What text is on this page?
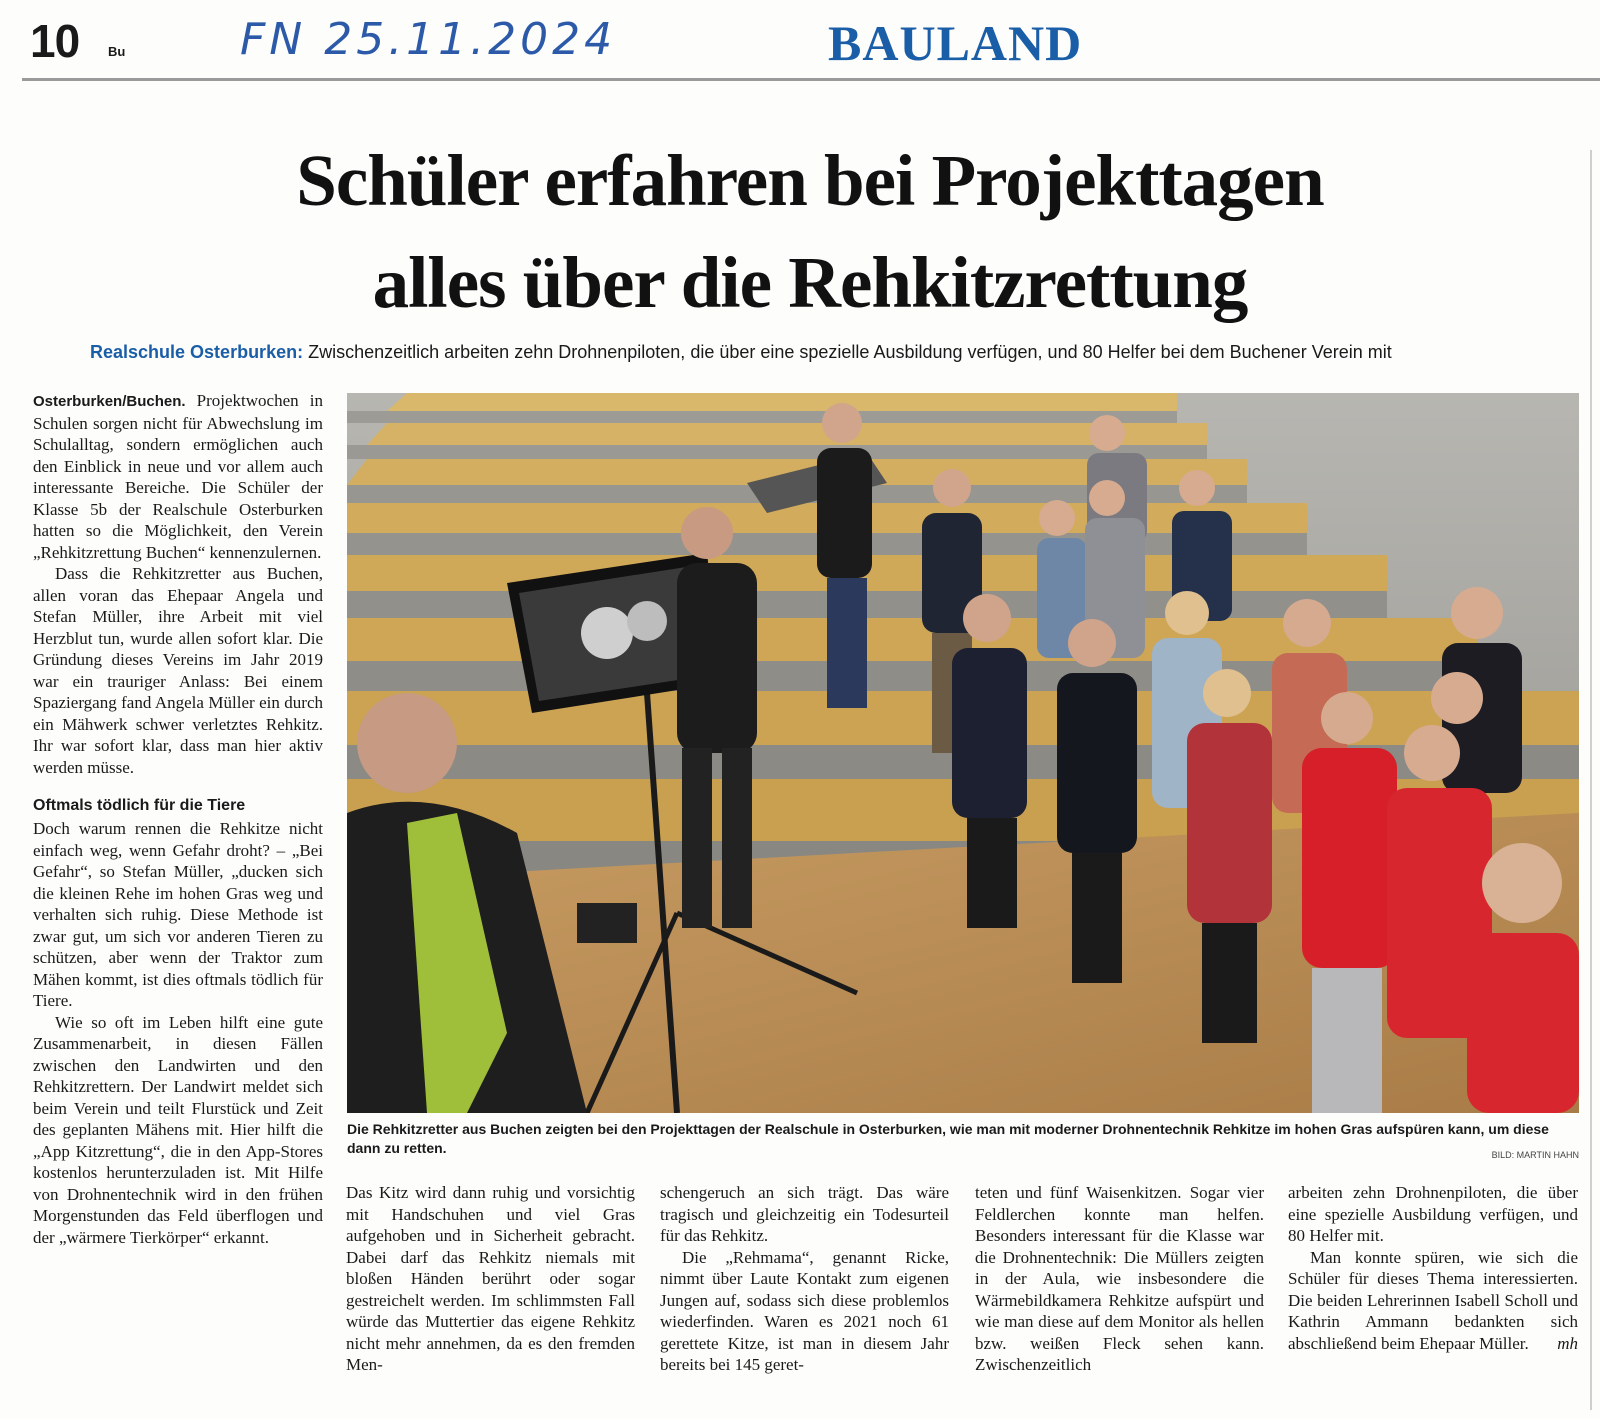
10 Bu	FN 25.11.2024	BAULAND
Schüler erfahren bei Projekttagen
alles über die Rehkitzrettung
Realschule Osterburken: Zwischenzeitlich arbeiten zehn Drohnenpiloten, die über eine spezielle Ausbildung verfügen, und 80 Helfer bei dem Buchener Verein mit

Osterburken/Buchen. Projektwochen in Schulen sorgen nicht für Abwechslung im Schulalltag, sondern ermöglichen auch den Einblick in neue und vor allem auch interessante Bereiche. Die Schüler der Klasse 5b der Realschule Osterburken hatten so die Möglichkeit, den Verein „Rehkitzrettung Buchen“ kennenzulernen.

Dass die Rehkitzretter aus Buchen, allen voran das Ehepaar Angela und Stefan Müller, ihre Arbeit mit viel Herzblut tun, wurde allen sofort klar. Die Gründung dieses Vereins im Jahr 2019 war ein trauriger Anlass: Bei einem Spaziergang fand Angela Müller ein durch ein Mähwerk schwer verletztes Rehkitz. Ihr war sofort klar, dass man hier aktiv werden müsse.

Oftmals tödlich für die Tiere

Doch warum rennen die Rehkitze nicht einfach weg, wenn Gefahr droht? – „Bei Gefahr“, so Stefan Müller, „ducken sich die kleinen Rehe im hohen Gras weg und verhalten sich ruhig. Diese Methode ist zwar gut, um sich vor anderen Tieren zu schützen, aber wenn der Traktor zum Mähen kommt, ist dies oftmals tödlich für Tiere.

Wie so oft im Leben hilft eine gute Zusammenarbeit, in diesen Fällen zwischen den Landwirten und den Rehkitzrettern. Der Landwirt meldet sich beim Verein und teilt Flurstück und Zeit des geplanten Mähens mit. Hier hilft die „App Kitzrettung“, die in den App-Stores kostenlos herunterzuladen ist. Mit Hilfe von Drohnentechnik wird in den frühen Morgenstunden das Feld überflogen und der „wärmere Tierkörper“ erkannt.

Die Rehkitzretter aus Buchen zeigten bei den Projekttagen der Realschule in Osterburken, wie man mit moderner Drohnentechnik Rehkitze im hohen Gras aufspüren kann, um diese dann zu retten.	BILD: MARTIN HAHN

Das Kitz wird dann ruhig und vorsichtig mit Handschuhen und viel Gras aufgehoben und in Sicherheit gebracht. Dabei darf das Rehkitz niemals mit bloßen Händen berührt oder sogar gestreichelt werden. Im schlimmsten Fall würde das Muttertier das eigene Rehkitz nicht mehr annehmen, da es den fremden Men-

schengeruch an sich trägt. Das wäre tragisch und gleichzeitig ein Todesurteil für das Rehkitz.

Die „Rehmama“, genannt Ricke, nimmt über Laute Kontakt zum eigenen Jungen auf, sodass sich diese problemlos wiederfinden. Waren es 2021 noch 61 gerettete Kitze, ist man in diesem Jahr bereits bei 145 geret-

teten und fünf Waisenkitzen. Sogar vier Feldlerchen konnte man helfen. Besonders interessant für die Klasse war die Drohnentechnik: Die Müllers zeigten in der Aula, wie insbesondere die Wärmebildkamera Rehkitze aufspürt und wie man diese auf dem Monitor als hellen bzw. weißen Fleck sehen kann. Zwischenzeitlich

arbeiten zehn Drohnenpiloten, die über eine spezielle Ausbildung verfügen, und 80 Helfer mit.

Man konnte spüren, wie sich die Schüler für dieses Thema interessierten. Die beiden Lehrerinnen Isabell Scholl und Kathrin Ammann bedankten sich abschließend beim Ehepaar Müller.	mh
